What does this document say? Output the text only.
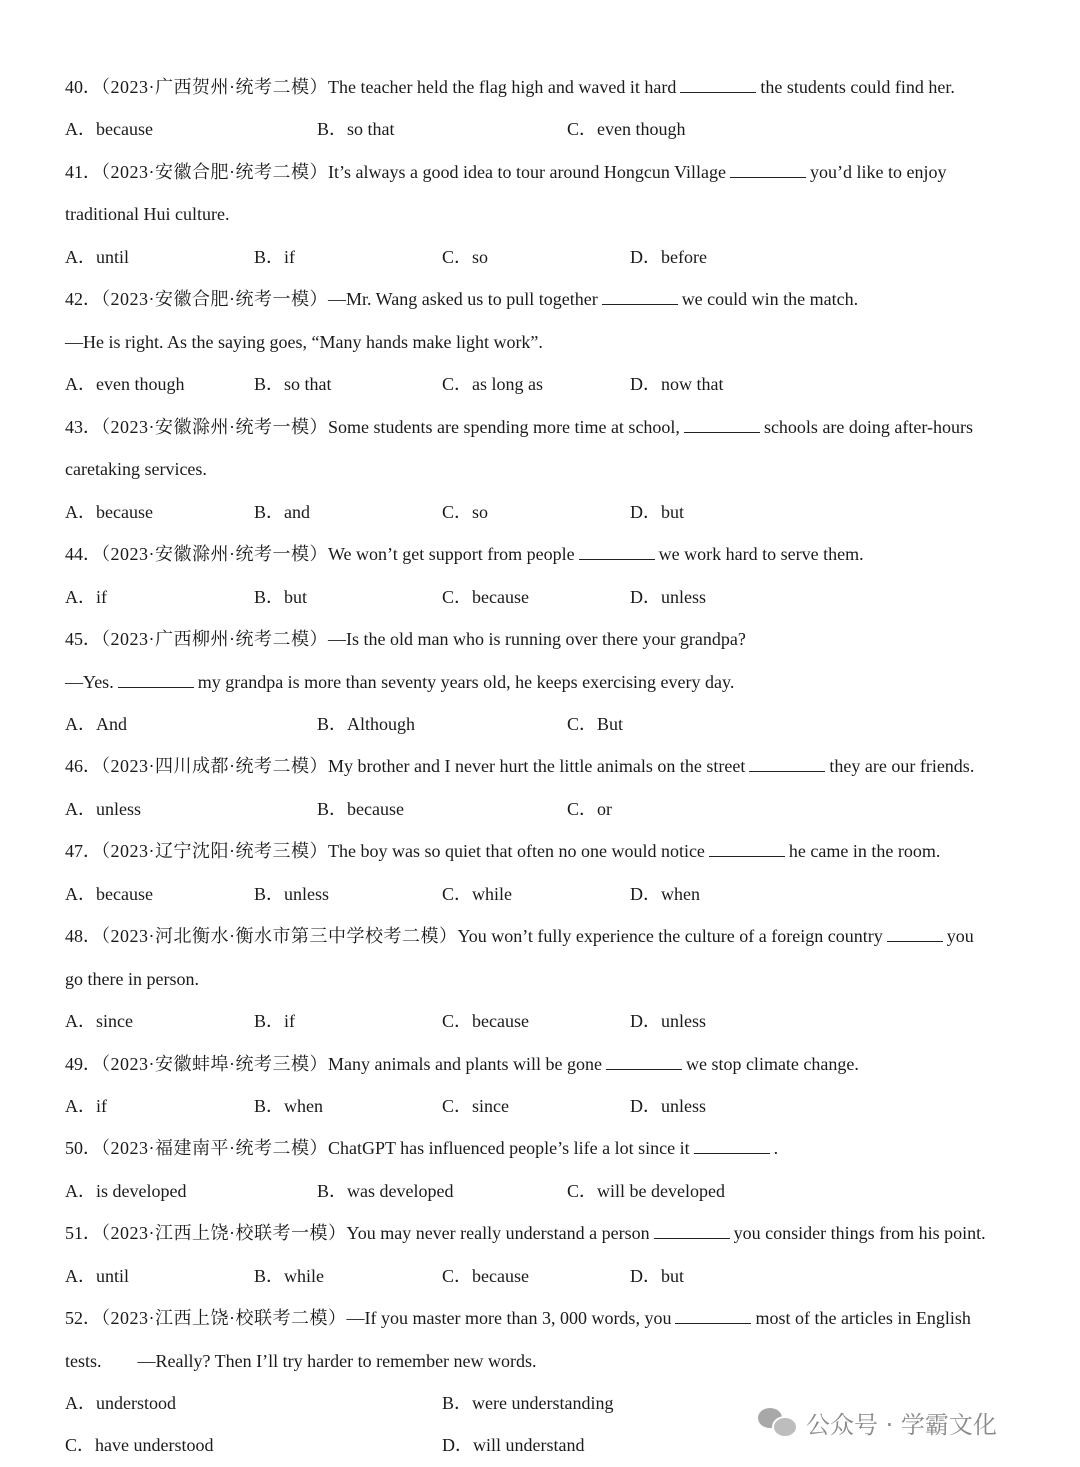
40．（2023·广西贺州·统考二模）The teacher held the flag high and waved it hard	the students could find her.
A．because	B．so that	C．even though
41．（2023·安徽合肥·统考二模）It’s always a good idea to tour around Hongcun Village	you’d like to enjoy
traditional Hui culture.
A．until	B．if	C．so	D．before
42．（2023·安徽合肥·统考一模）—Mr. Wang asked us to pull together	we could win the match.
—He is right. As the saying goes, “Many hands make light work”.
A．even though	B．so that	C．as long as	D．now that
43．（2023·安徽滁州·统考一模）Some students are spending more time at school,	schools are doing after-hours
caretaking services.
A．because	B．and	C．so	D．but
44．（2023·安徽滁州·统考一模）We won’t get support from people	we work hard to serve them.
A．if	B．but	C．because	D．unless
45．（2023·广西柳州·统考二模）—Is the old man who is running over there your grandpa?
—Yes.	my grandpa is more than seventy years old, he keeps exercising every day.
A．And	B．Although	C．But
46．（2023·四川成都·统考二模）My brother and I never hurt the little animals on the street	they are our friends.
A．unless	B．because	C．or
47．（2023·辽宁沈阳·统考三模）The boy was so quiet that often no one would notice	he came in the room.
A．because	B．unless	C．while	D．when
48．（2023·河北衡水·衡水市第三中学校考二模）You won’t fully experience the culture of a foreign country	you
go there in person.
A．since	B．if	C．because	D．unless
49．（2023·安徽蚌埠·统考三模）Many animals and plants will be gone	we stop climate change.
A．if	B．when	C．since	D．unless
50．（2023·福建南平·统考二模）ChatGPT has influenced people’s life a lot since it	.
A．is developed	B．was developed	C．will be developed
51．（2023·江西上饶·校联考一模）You may never really understand a person	you consider things from his point.
A．until	B．while	C．because	D．but
52．（2023·江西上饶·校联考二模）—If you master more than 3, 000 words, you	most of the articles in English
tests.　　—Really? Then I’ll try harder to remember new words.
A．understood	B．were understanding
C．have understood	D．will understand
公众号 · 学霸文化
